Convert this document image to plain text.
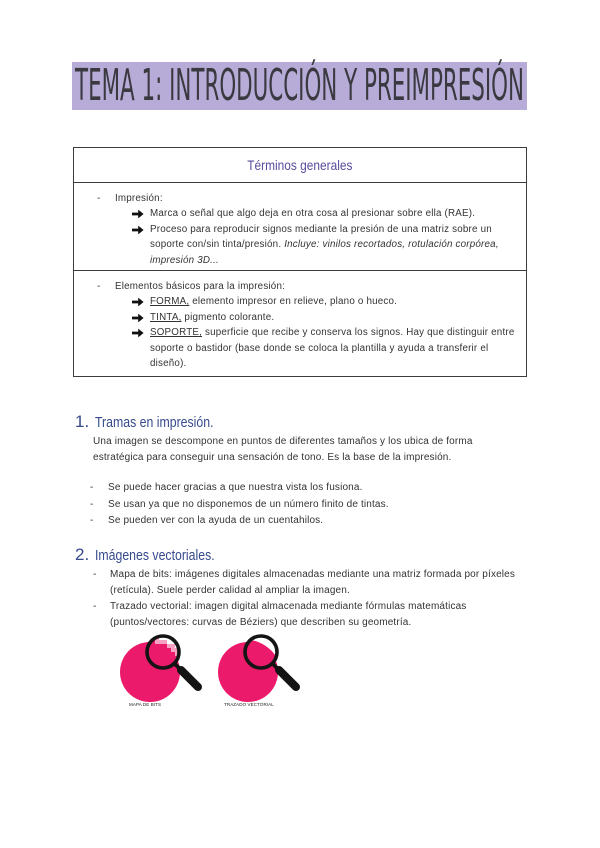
TEMA 1: INTRODUCCIÓN Y PREIMPRESIÓN
Términos generales
- Impresión:
Marca o señal que algo deja en otra cosa al presionar sobre ella (RAE).
Proceso para reproducir signos mediante la presión de una matriz sobre un soporte con/sin tinta/presión. Incluye: vinilos recortados, rotulación corpórea, impresión 3D...
- Elementos básicos para la impresión:
FORMA, elemento impresor en relieve, plano o hueco.
TINTA, pigmento colorante.
SOPORTE, superficie que recibe y conserva los signos. Hay que distinguir entre soporte o bastidor (base donde se coloca la plantilla y ayuda a transferir el diseño).
1. Tramas en impresión.
Una imagen se descompone en puntos de diferentes tamaños y los ubica de forma estratégica para conseguir una sensación de tono. Es la base de la impresión.
- Se puede hacer gracias a que nuestra vista los fusiona.
- Se usan ya que no disponemos de un número finito de tintas.
- Se pueden ver con la ayuda de un cuentahilos.
2. Imágenes vectoriales.
- Mapa de bits: imágenes digitales almacenadas mediante una matriz formada por píxeles (retícula). Suele perder calidad al ampliar la imagen.
- Trazado vectorial: imagen digital almacenada mediante fórmulas matemáticas (puntos/vectores: curvas de Béziers) que describen su geometría.
MAPA DE BITS	TRAZADO VECTORIAL
